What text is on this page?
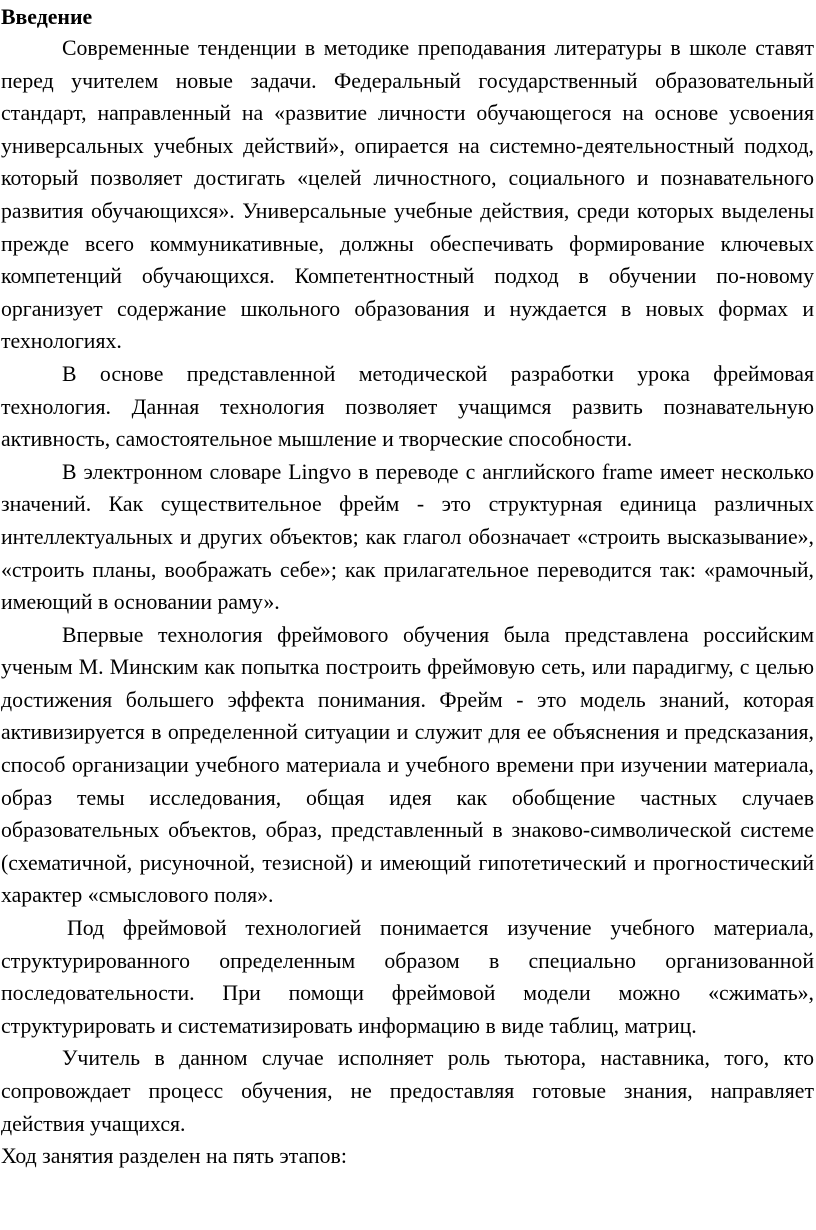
Введение

Современные тенденции в методике преподавания литературы в школе ставят перед учителем новые задачи. Федеральный государственный образовательный стандарт, направленный на «развитие личности обучающегося на основе усвоения универсальных учебных действий», опирается на системно-деятельностный подход, который позволяет достигать «целей личностного, социального и познавательного развития обучающихся». Универсальные учебные действия, среди которых выделены прежде всего коммуникативные, должны обеспечивать формирование ключевых компетенций обучающихся. Компетентностный подход в обучении по-новому организует содержание школьного образования и нуждается в новых формах и технологиях.

В основе представленной методической разработки урока фреймовая технология. Данная технология позволяет учащимся развить познавательную активность, самостоятельное мышление и творческие способности.

В электронном словаре Lingvo в переводе с английского frame имеет несколько значений. Как существительное фрейм - это структурная единица различных интеллектуальных и других объектов; как глагол обозначает «строить высказывание», «строить планы, воображать себе»; как прилагательное переводится так: «рамочный, имеющий в основании раму».

Впервые технология фреймового обучения была представлена российским ученым М. Минским как попытка построить фреймовую сеть, или парадигму, с целью достижения большего эффекта понимания. Фрейм - это модель знаний, которая активизируется в определенной ситуации и служит для ее объяснения и предсказания, способ организации учебного материала и учебного времени при изучении материала, образ темы исследования, общая идея как обобщение частных случаев образовательных объектов, образ, представленный в знаково-символической системе (схематичной, рисуночной, тезисной) и имеющий гипотетический и прогностический характер «смыслового поля».

Под фреймовой технологией понимается изучение учебного материала, структурированного определенным образом в специально организованной последовательности. При помощи фреймовой модели можно «сжимать», структурировать и систематизировать информацию в виде таблиц, матриц.

Учитель в данном случае исполняет роль тьютора, наставника, того, кто сопровождает процесс обучения, не предоставляя готовые знания, направляет действия учащихся.

Ход занятия разделен на пять этапов:
